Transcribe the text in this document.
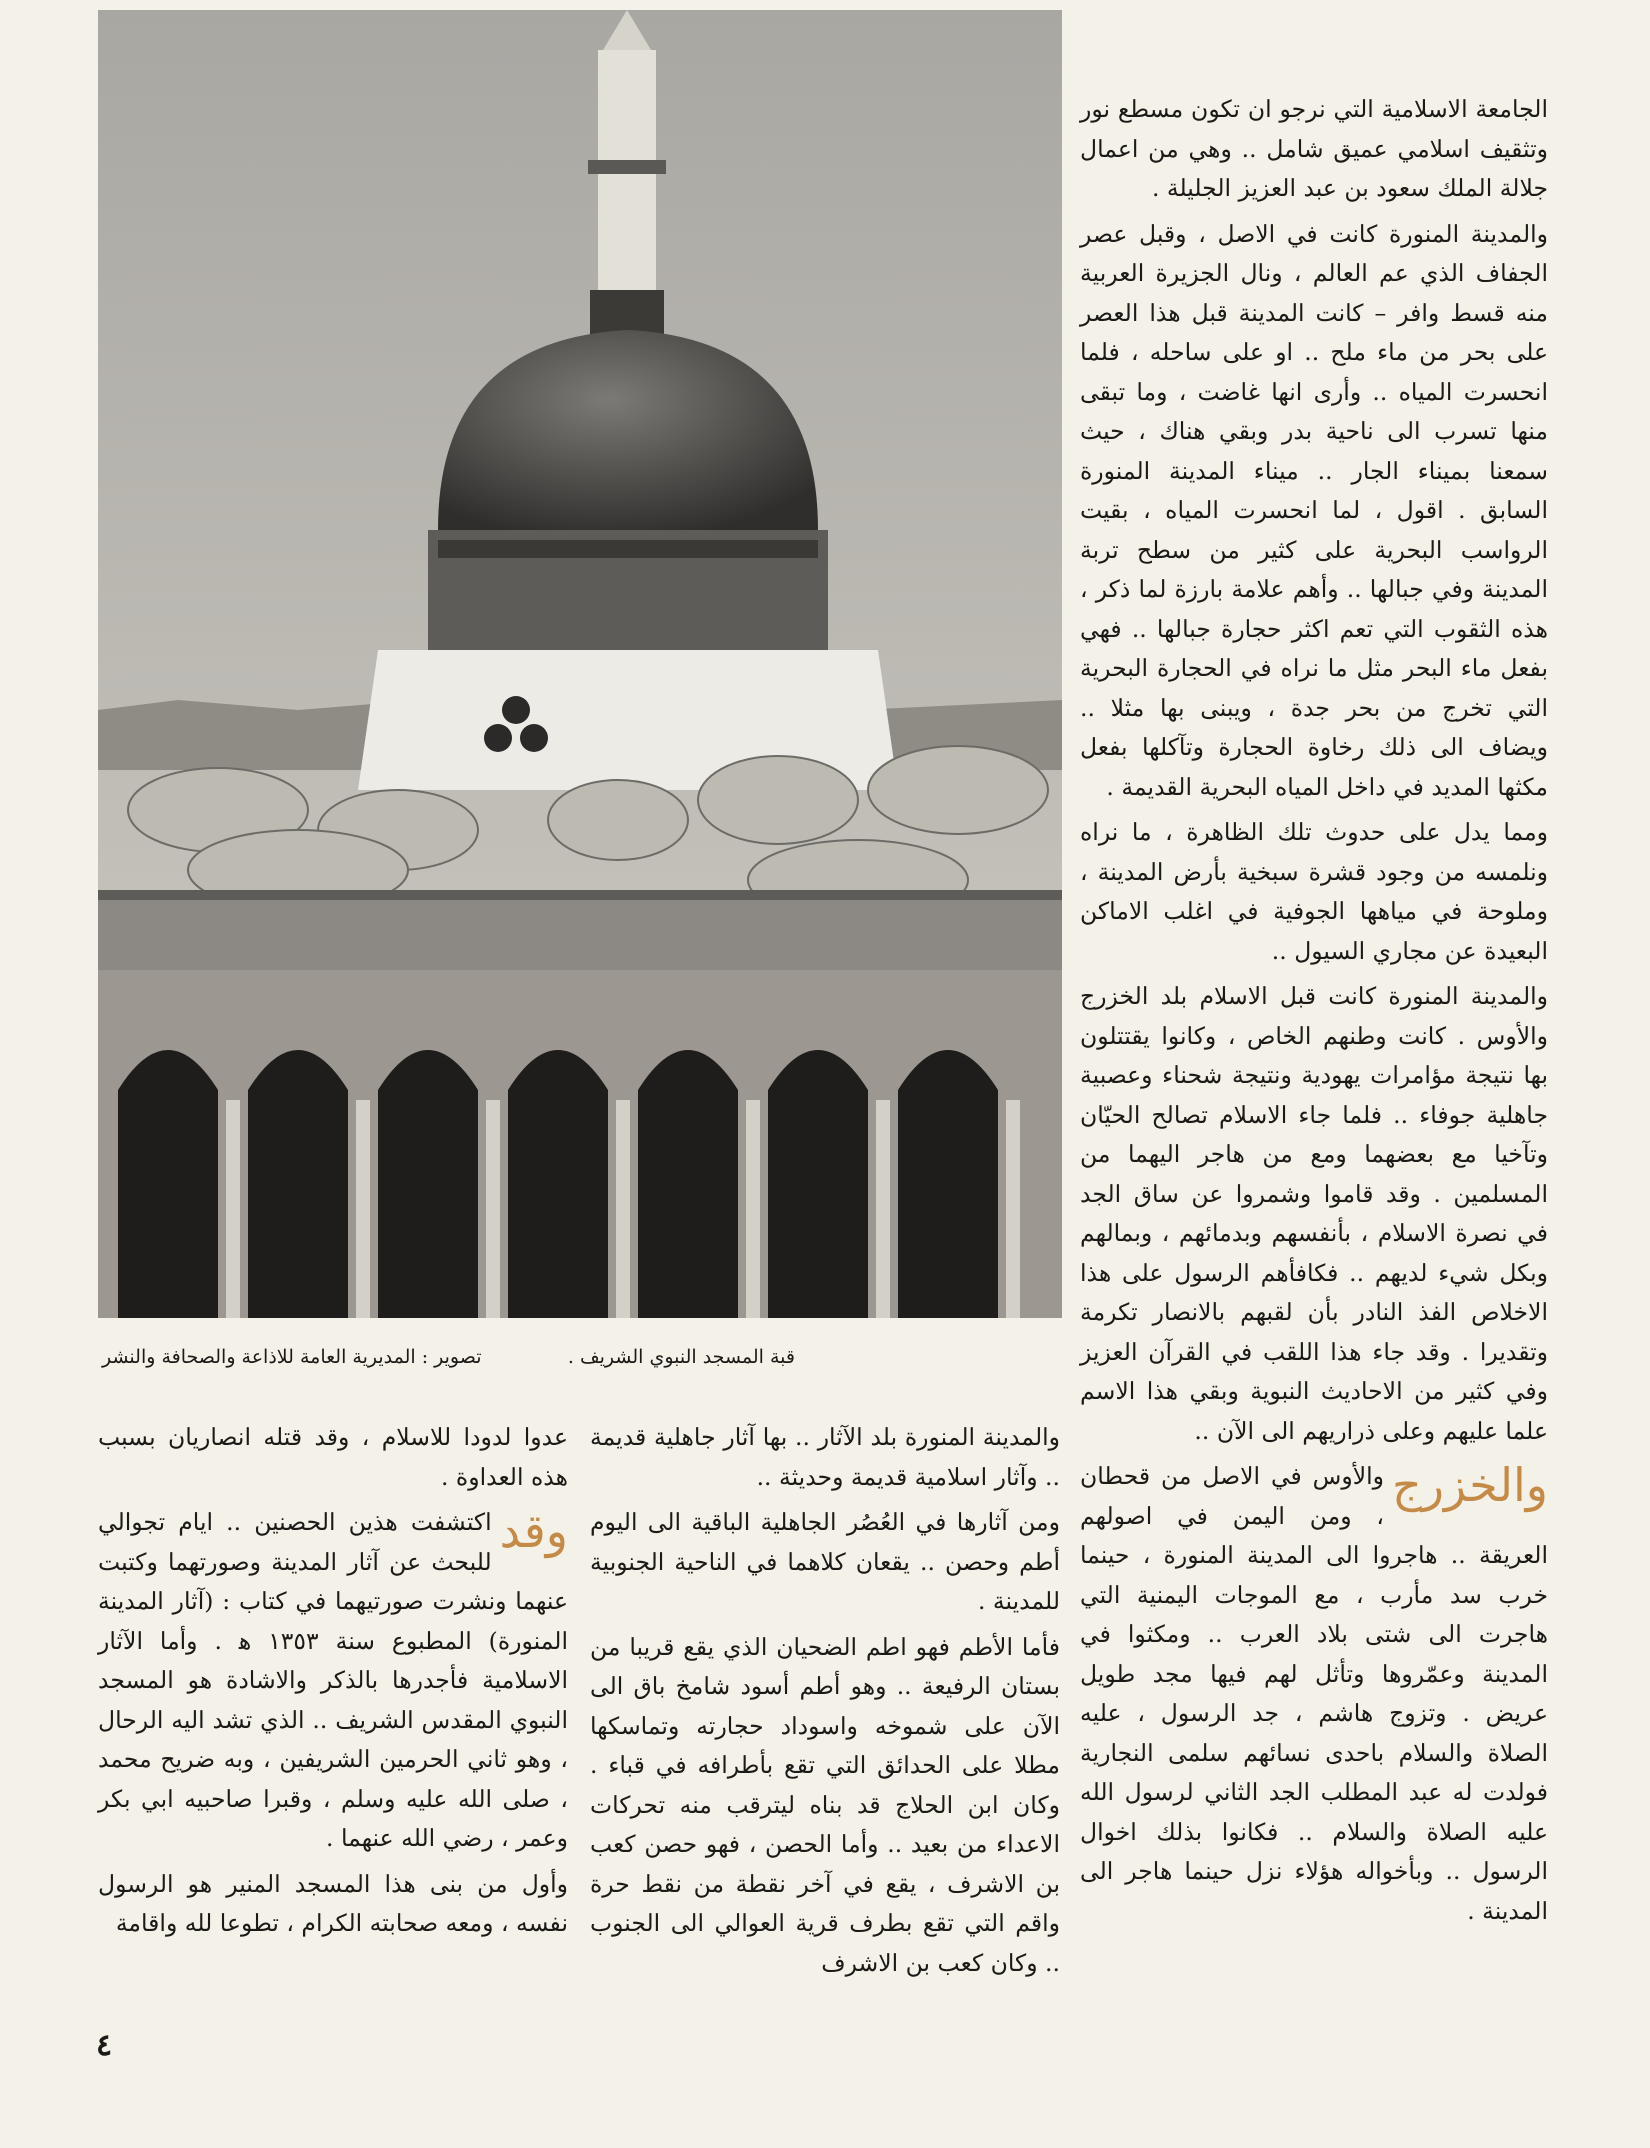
قبة المسجد النبوي الشريف .
تصوير : المديرية العامة للاذاعة والصحافة والنشر

الجامعة الاسلامية التي نرجو ان تكون مسطع نور وتثقيف اسلامي عميق شامل .. وهي من اعمال جلالة الملك سعود بن عبد العزيز الجليلة .

والمدينة المنورة كانت في الاصل ، وقبل عصر الجفاف الذي عم العالم ، ونال الجزيرة العربية منه قسط وافر – كانت المدينة قبل هذا العصر على بحر من ماء ملح .. او على ساحله ، فلما انحسرت المياه .. وأرى انها غاضت ، وما تبقى منها تسرب الى ناحية بدر وبقي هناك ، حيث سمعنا بميناء الجار .. ميناء المدينة المنورة السابق . اقول ، لما انحسرت المياه ، بقيت الرواسب البحرية على كثير من سطح تربة المدينة وفي جبالها .. وأهم علامة بارزة لما ذكر ، هذه الثقوب التي تعم اكثر حجارة جبالها .. فهي بفعل ماء البحر مثل ما نراه في الحجارة البحرية التي تخرج من بحر جدة ، ويبنى بها مثلا .. ويضاف الى ذلك رخاوة الحجارة وتآكلها بفعل مكثها المديد في داخل المياه البحرية القديمة .

ومما يدل على حدوث تلك الظاهرة ، ما نراه ونلمسه من وجود قشرة سبخية بأرض المدينة ، وملوحة في مياهها الجوفية في اغلب الاماكن البعيدة عن مجاري السيول ..

والمدينة المنورة كانت قبل الاسلام بلد الخزرج والأوس . كانت وطنهم الخاص ، وكانوا يقتتلون بها نتيجة مؤامرات يهودية ونتيجة شحناء وعصبية جاهلية جوفاء .. فلما جاء الاسلام تصالح الحيّان وتآخيا مع بعضهما ومع من هاجر اليهما من المسلمين . وقد قاموا وشمروا عن ساق الجد في نصرة الاسلام ، بأنفسهم وبدمائهم ، وبمالهم وبكل شيء لديهم .. فكافأهم الرسول على هذا الاخلاص الفذ النادر بأن لقبهم بالانصار تكرمة وتقديرا . وقد جاء هذا اللقب في القرآن العزيز وفي كثير من الاحاديث النبوية وبقي هذا الاسم علما عليهم وعلى ذراريهم الى الآن ..

والخزرج
والأوس في الاصل من قحطان ، ومن اليمن في اصولهم العريقة .. هاجروا الى المدينة المنورة ، حينما خرب سد مأرب ، مع الموجات اليمنية التي هاجرت الى شتى بلاد العرب .. ومكثوا في المدينة وعمّروها وتأثل لهم فيها مجد طويل عريض . وتزوج هاشم ، جد الرسول ، عليه الصلاة والسلام باحدى نسائهم سلمى النجارية فولدت له عبد المطلب الجد الثاني لرسول الله عليه الصلاة والسلام .. فكانوا بذلك اخوال الرسول .. وبأخواله هؤلاء نزل حينما هاجر الى المدينة .

والمدينة المنورة بلد الآثار .. بها آثار جاهلية قديمة .. وآثار اسلامية قديمة وحديثة ..

ومن آثارها في العُصُر الجاهلية الباقية الى اليوم أطم وحصن .. يقعان كلاهما في الناحية الجنوبية للمدينة .

فأما الأطم فهو اطم الضحيان الذي يقع قريبا من بستان الرفيعة .. وهو أطم أسود شامخ باق الى الآن على شموخه واسوداد حجارته وتماسكها مطلا على الحدائق التي تقع بأطرافه في قباء . وكان ابن الحلاج قد بناه ليترقب منه تحركات الاعداء من بعيد .. وأما الحصن ، فهو حصن كعب بن الاشرف ، يقع في آخر نقطة من نقط حرة واقم التي تقع بطرف قرية العوالي الى الجنوب .. وكان كعب بن الاشرف

عدوا لدودا للاسلام ، وقد قتله انصاريان بسبب هذه العداوة .

وقد
اكتشفت هذين الحصنين .. ايام تجوالي للبحث عن آثار المدينة وصورتهما وكتبت عنهما ونشرت صورتيهما في كتاب : (آثار المدينة المنورة) المطبوع سنة ١٣٥٣ ﻫ . وأما الآثار الاسلامية فأجدرها بالذكر والاشادة هو المسجد النبوي المقدس الشريف .. الذي تشد اليه الرحال ، وهو ثاني الحرمين الشريفين ، وبه ضريح محمد ، صلى الله عليه وسلم ، وقبرا صاحبيه ابي بكر وعمر ، رضي الله عنهما .

وأول من بنى هذا المسجد المنير هو الرسول نفسه ، ومعه صحابته الكرام ، تطوعا لله واقامة

٤
